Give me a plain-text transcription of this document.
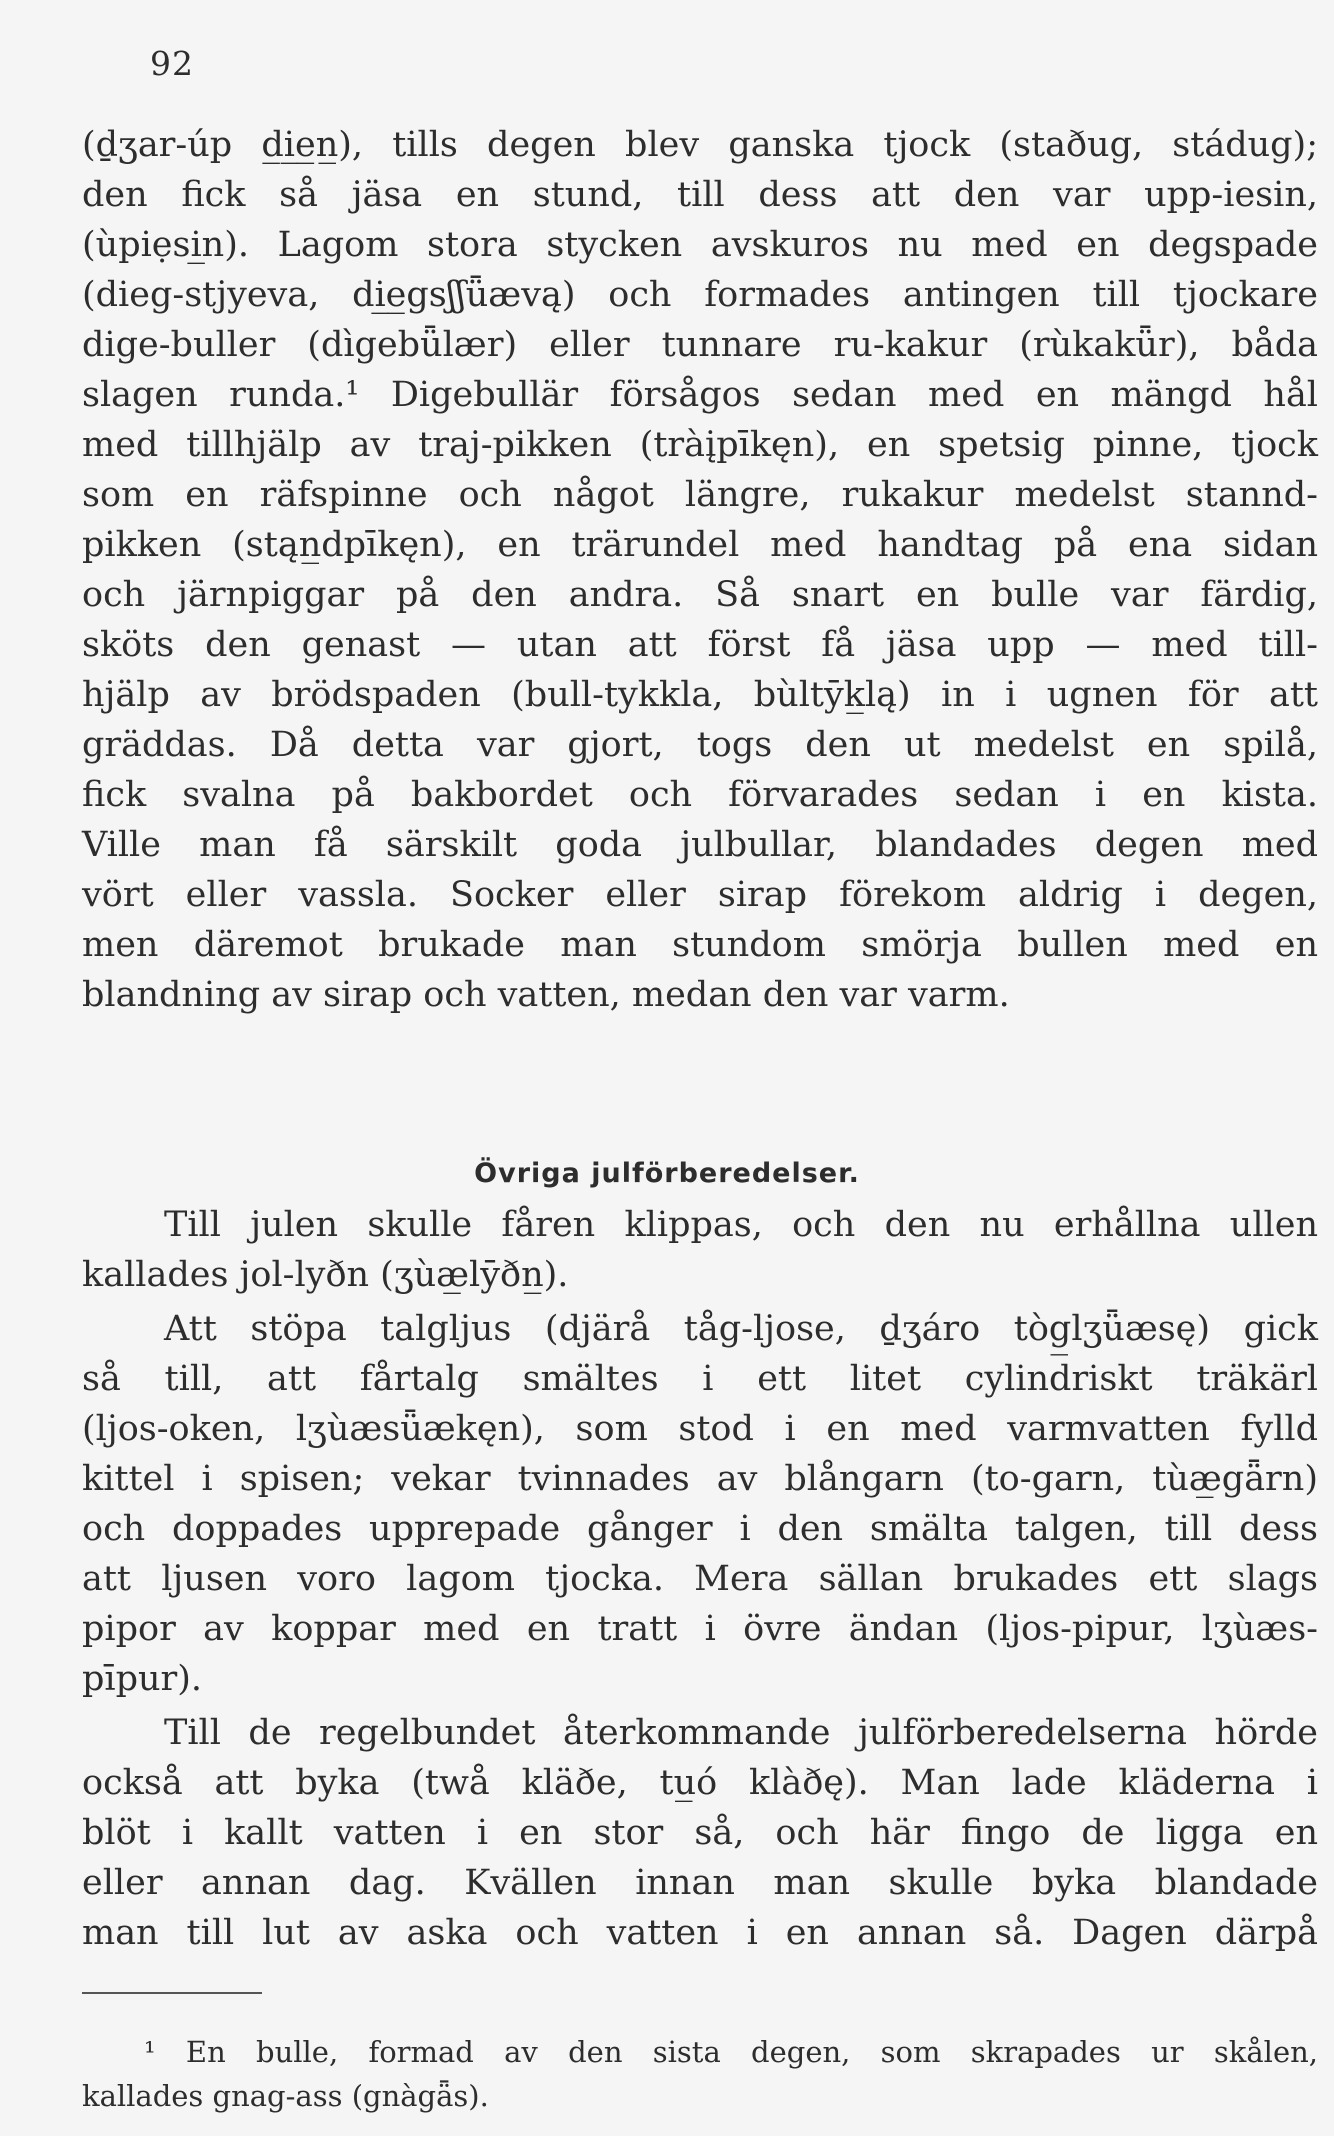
92
(ḏʒar-úp d̲i̲e̲n̲), tills degen blev ganska tjock (staðug, stádug);
den fick så jäsa en stund, till dess att den var upp-iesin,
(ùpiẹsi̲n). Lagom stora stycken avskuros nu med en degspade
(dieg-stjyeva, di̲e̲gsʃʃǖævą) och formades antingen till tjockare
dige-buller (dìgebǖlær) eller tunnare ru-kakur (rùkakǖr), båda
slagen runda.¹ Digebullär försågos sedan med en mängd hål
med tillhjälp av traj-pikken (tràįpīkęn), en spetsig pinne, tjock
som en räfspinne och något längre, rukakur medelst stannd-
pikken (stąn̲dpīkęn), en trärundel med handtag på ena sidan
och järnpiggar på den andra. Så snart en bulle var färdig,
sköts den genast — utan att först få jäsa upp — med till-
hjälp av brödspaden (bull-tykkla, bùltȳk̲lą) in i ugnen för att
gräddas. Då detta var gjort, togs den ut medelst en spilå,
fick svalna på bakbordet och förvarades sedan i en kista.
Ville man få särskilt goda julbullar, blandades degen med
vört eller vassla. Socker eller sirap förekom aldrig i degen,
men däremot brukade man stundom smörja bullen med en
blandning av sirap och vatten, medan den var varm.
Övriga julförberedelser.
Till julen skulle fåren klippas, och den nu erhållna ullen
kallades jol-lyðn (ʒùæ̲lȳðn̲).
Att stöpa talgljus (djärå tåg-ljose, ḏʒáro tòg̲lʒǖæsę) gick
så till, att fårtalg smältes i ett litet cylindriskt träkärl
(ljos-oken, lʒùæsǖækęn), som stod i en med varmvatten fylld
kittel i spisen; vekar tvinnades av blångarn (to-garn, tùæ̲gǟrn)
och doppades upprepade gånger i den smälta talgen, till dess
att ljusen voro lagom tjocka. Mera sällan brukades ett slags
pipor av koppar med en tratt i övre ändan (ljos-pipur, lʒùæs-
pīpur).
Till de regelbundet återkommande julförberedelserna hörde
också att byka (twå kläðe, tu̲ó klàðę). Man lade kläderna i
blöt i kallt vatten i en stor så, och här fingo de ligga en
eller annan dag. Kvällen innan man skulle byka blandade
man till lut av aska och vatten i en annan så. Dagen därpå
¹ En bulle, formad av den sista degen, som skrapades ur skålen,
kallades gnag-ass (gnàgǟs).
